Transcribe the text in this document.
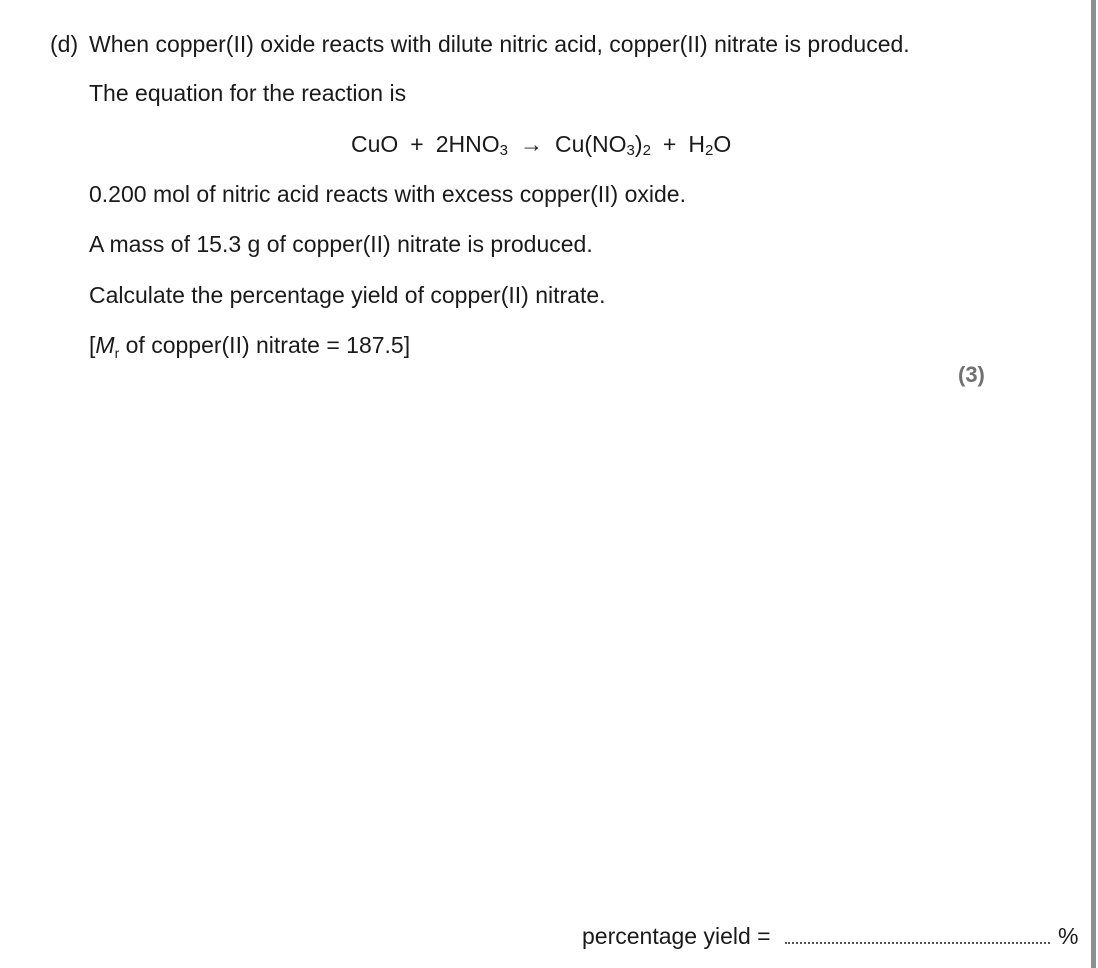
(d) When copper(II) oxide reacts with dilute nitric acid, copper(II) nitrate is produced.
The equation for the reaction is
CuO + $2HNO_3 \to Cu(NO_3)_2 + H_2O$
0.200 mol of nitric acid reacts with excess copper(II) oxide.
A mass of 15.3 g of copper(II) nitrate is produced.
Calculate the percentage yield of copper(II) nitrate.
[$M_r$ of copper(II) nitrate = 187.5]
(3)
percentage yield =	%
